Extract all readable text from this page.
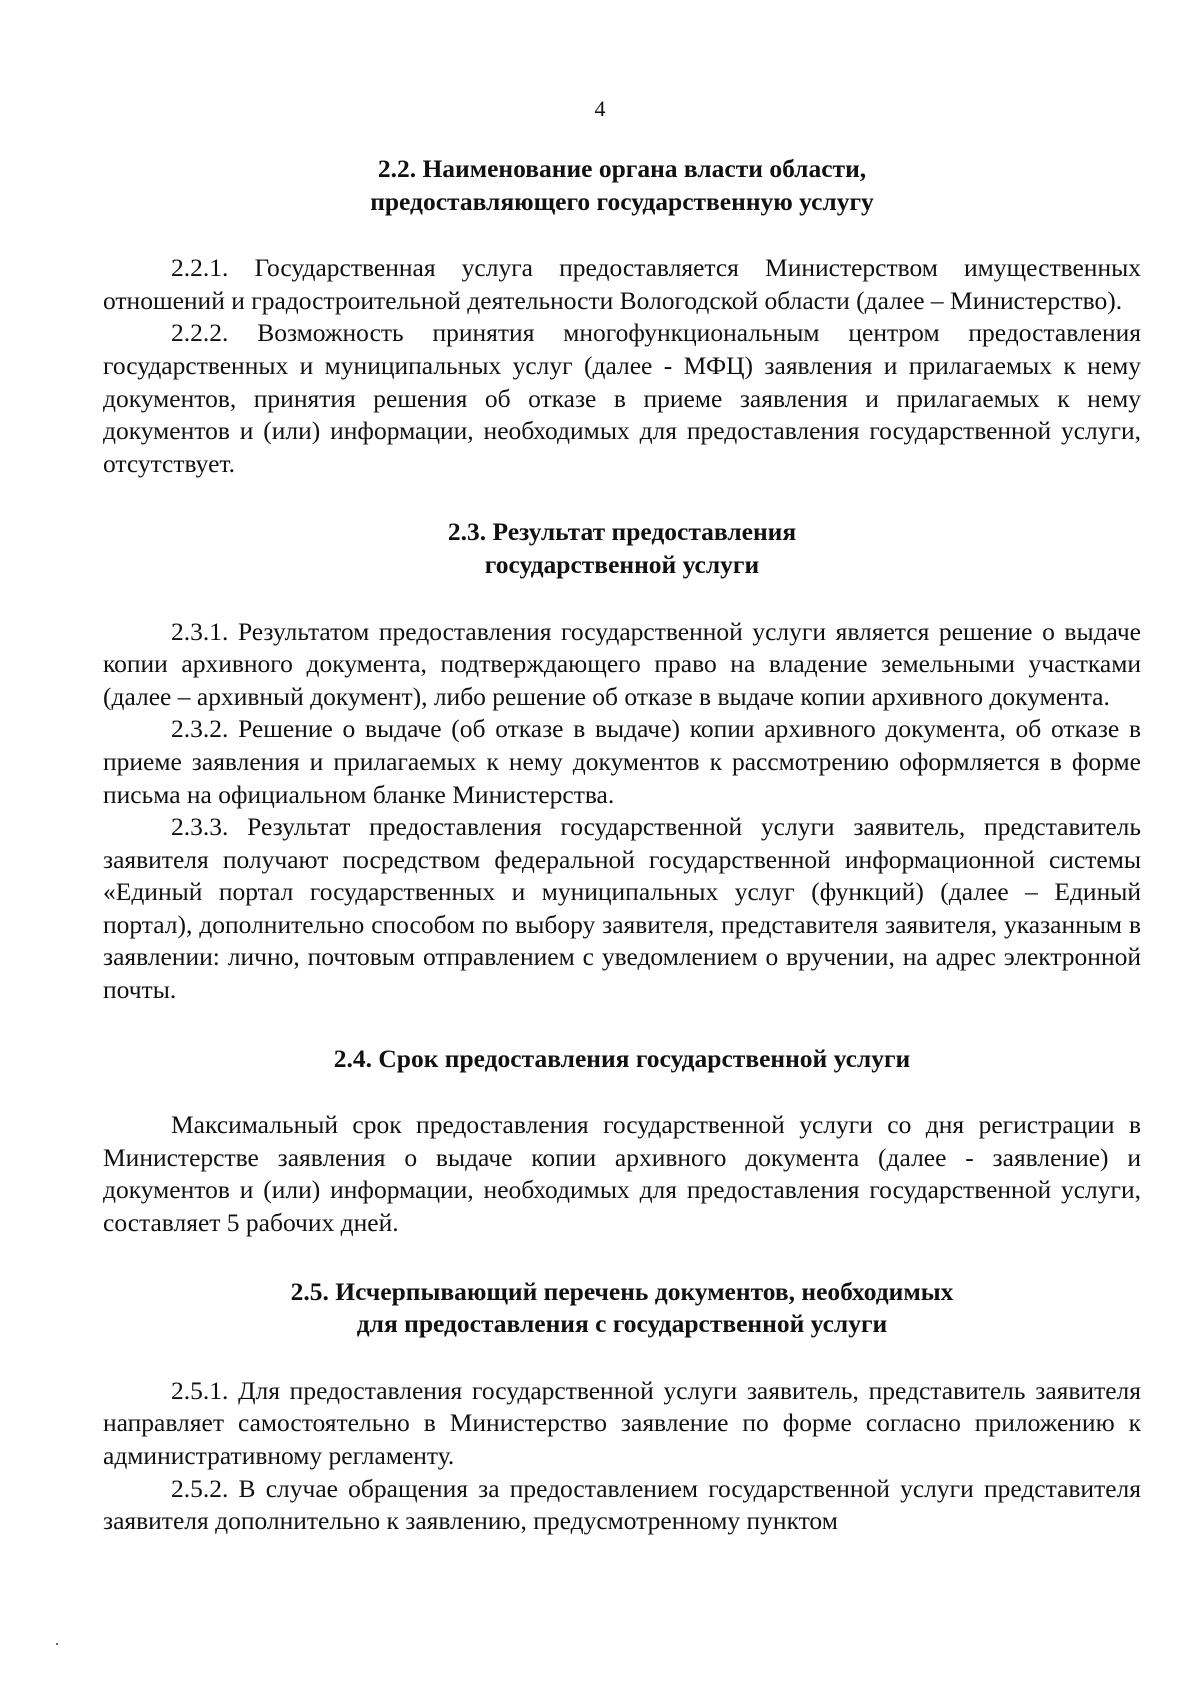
4
2.2. Наименование органа власти области,
предоставляющего государственную услугу

2.2.1. Государственная услуга предоставляется Министерством имущественных отношений и градостроительной деятельности Вологодской области (далее – Министерство).

2.2.2. Возможность принятия многофункциональным центром предоставления государственных и муниципальных услуг (далее - МФЦ) заявления и прилагаемых к нему документов, принятия решения об отказе в приеме заявления и прилагаемых к нему документов и (или) информации, необходимых для предоставления государственной услуги, отсутствует.

2.3. Результат предоставления
государственной услуги

2.3.1. Результатом предоставления государственной услуги является решение о выдаче копии архивного документа, подтверждающего право на владение земельными участками (далее – архивный документ), либо решение об отказе в выдаче копии архивного документа.

2.3.2. Решение о выдаче (об отказе в выдаче) копии архивного документа, об отказе в приеме заявления и прилагаемых к нему документов к рассмотрению оформляется в форме письма на официальном бланке Министерства.

2.3.3. Результат предоставления государственной услуги заявитель, представитель заявителя получают посредством федеральной государственной информационной системы «Единый портал государственных и муниципальных услуг (функций) (далее – Единый портал), дополнительно способом по выбору заявителя, представителя заявителя, указанным в заявлении: лично, почтовым отправлением с уведомлением о вручении, на адрес электронной почты.

2.4. Срок предоставления государственной услуги

Максимальный срок предоставления государственной услуги со дня регистрации в Министерстве заявления о выдаче копии архивного документа (далее - заявление) и документов и (или) информации, необходимых для предоставления государственной услуги, составляет 5 рабочих дней.

2.5. Исчерпывающий перечень документов, необходимых
для предоставления с государственной услуги

2.5.1. Для предоставления государственной услуги заявитель, представитель заявителя направляет самостоятельно в Министерство заявление по форме согласно приложению к административному регламенту.

2.5.2. В случае обращения за предоставлением государственной услуги представителя заявителя дополнительно к заявлению, предусмотренному пунктом
